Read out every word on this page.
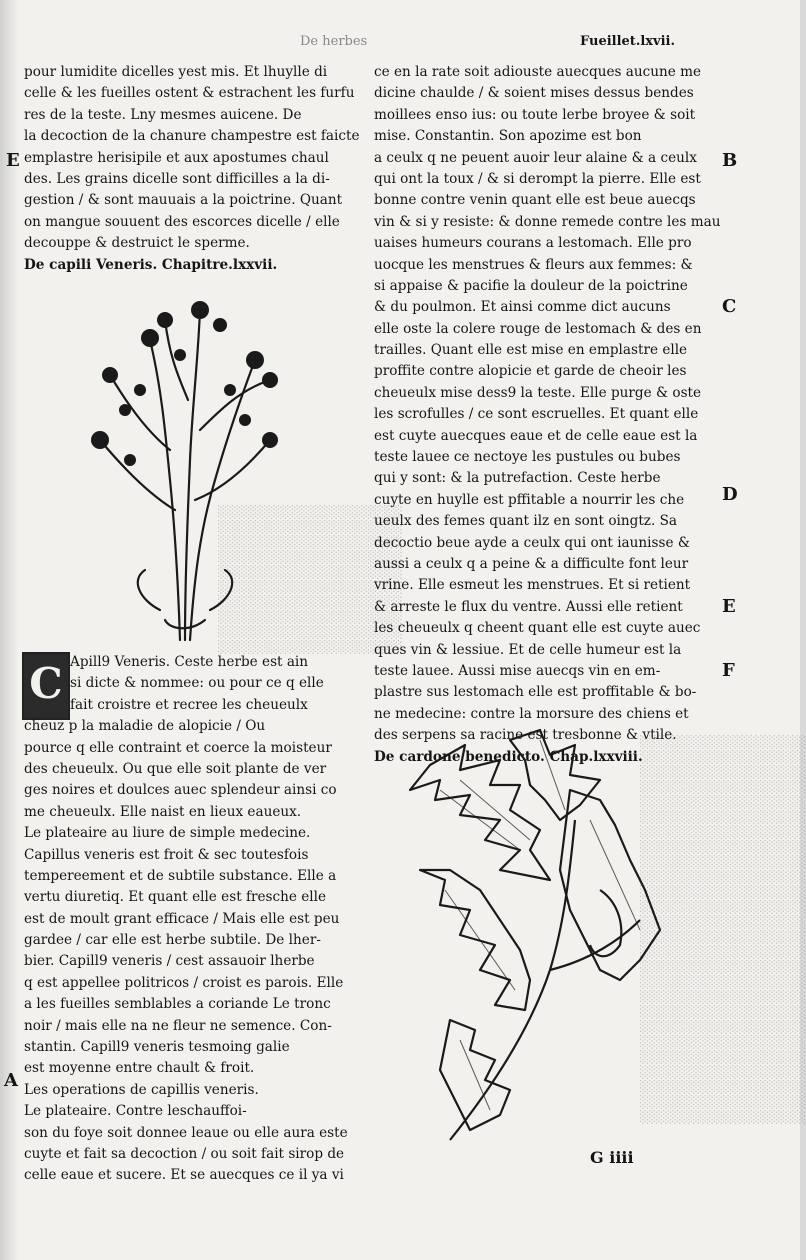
░░░░░░░░░░░░░░░░░░░░
░░░░░░░░░░░░░░░░░░░░
░░░░░░░░░░░░░░░░░░░░
░░░░░░░░░░░░░░░░░░░░
░░░░░░░░░░░░░░░░░░░░
░░░░░░░░░░░░░░░░░░░░
░░░░░░░░░░░░░░░░░░░░
░░░░░░░░░░░░░░░░░░░░
░░░░░░░░░░░░░░░░░░░░
░░░░░░░░░░░░░░░░░░░░

░░░░░░░░░░░░░░░░░░
░░░░░░░░░░░░░░░░░░
░░░░░░░░░░░░░░░░░░
░░░░░░░░░░░░░░░░░░
░░░░░░░░░░░░░░░░░░
░░░░░░░░░░░░░░░░░░
░░░░░░░░░░░░░░░░░░
░░░░░░░░░░░░░░░░░░
░░░░░░░░░░░░░░░░░░
░░░░░░░░░░░░░░░░░░
░░░░░░░░░░░░░░░░░░
░░░░░░░░░░░░░░░░░░
░░░░░░░░░░░░░░░░░░
░░░░░░░░░░░░░░░░░░
░░░░░░░░░░░░░░░░░░
░░░░░░░░░░░░░░░░░░
░░░░░░░░░░░░░░░░░░
░░░░░░░░░░░░░░░░░░
░░░░░░░░░░░░░░░░░░
░░░░░░░░░░░░░░░░░░
░░░░░░░░░░░░░░░░░░
░░░░░░░░░░░░░░░░░░
░░░░░░░░░░░░░░░░░░
░░░░░░░░░░░░░░░░░░
░░░░░░░░░░░░░░░░░░
░░░░░░░░░░░░░░░░░░
De herbes	Fueillet.lxvii.
pour lumidite dicelles yest mis. Et lhuylle di
celle & les fueilles ostent & estrachent les furfu
res de la teste. Lny mesmes auicene. De
la decoction de la chanure champestre est faicte
emplastre herisipile et aux apostumes chaul
des. Les grains dicelle sont difficilles a la di-
gestion / & sont mauuais a la poictrine. Quant
on mangue souuent des escorces dicelle / elle
decouppe & destruict le sperme.
De capili Veneris. Chapitre.lxxvii.
C Apill9 Veneris. Ceste herbe est ain
si dicte & nommee: ou pour ce q elle
fait croistre et recree les cheueulx
cheuz p la maladie de alopicie / Ou
pource q elle contraint et coerce la moisteur
des cheueulx. Ou que elle soit plante de ver
ges noires et doulces auec splendeur ainsi co
me cheueulx. Elle naist en lieux eaueux.
Le plateaire au liure de simple medecine.
Capillus veneris est froit & sec toutesfois
tempereement et de subtile substance. Elle a
vertu diuretiq. Et quant elle est fresche elle
est de moult grant efficace / Mais elle est peu
gardee / car elle est herbe subtile. De lher-
bier. Capill9 veneris / cest assauoir lherbe
q est appellee politricos / croist es parois. Elle
a les fueilles semblables a coriande Le tronc
noir / mais elle na ne fleur ne semence. Con-
stantin. Capill9 veneris tesmoing galie
est moyenne entre chault & froit.
Les operations de capillis veneris.
Le plateaire. Contre leschauffoi-
son du foye soit donnee leaue ou elle aura este
cuyte et fait sa decoction / ou soit fait sirop de
celle eaue et sucere. Et se auecques ce il ya vi
ce en la rate soit adiouste auecques aucune me
dicine chaulde / & soient mises dessus bendes
moillees enso ius: ou toute lerbe broyee & soit
mise. Constantin. Son apozime est bon
a ceulx q ne peuent auoir leur alaine & a ceulx
qui ont la toux / & si derompt la pierre. Elle est
bonne contre venin quant elle est beue auecqs
vin & si y resiste: & donne remede contre les mau
uaises humeurs courans a lestomach. Elle pro
uocque les menstrues & fleurs aux femmes: &
si appaise & pacifie la douleur de la poictrine
& du poulmon. Et ainsi comme dict aucuns
elle oste la colere rouge de lestomach & des en
trailles. Quant elle est mise en emplastre elle
proffite contre alopicie et garde de cheoir les
cheueulx mise dess9 la teste. Elle purge & oste
les scrofulles / ce sont escruelles. Et quant elle
est cuyte auecques eaue et de celle eaue est la
teste lauee ce nectoye les pustules ou bubes
qui y sont: & la putrefaction. Ceste herbe
cuyte en huylle est pffitable a nourrir les che
ueulx des femes quant ilz en sont oingtz. Sa
decoctio beue ayde a ceulx qui ont iaunisse &
aussi a ceulx q a peine & a difficulte font leur
vrine. Elle esmeut les menstrues. Et si retient
& arreste le flux du ventre. Aussi elle retient
les cheueulx q cheent quant elle est cuyte auec
ques vin & lessiue. Et de celle humeur est la
teste lauee. Aussi mise auecqs vin en em-
plastre sus lestomach elle est proffitable & bo-
ne medecine: contre la morsure des chiens et
des serpens sa racine est tresbonne & vtile.
De cardone benedicto. Chap.lxxviii.
E	B
C
D
E
F
A
G iiii
